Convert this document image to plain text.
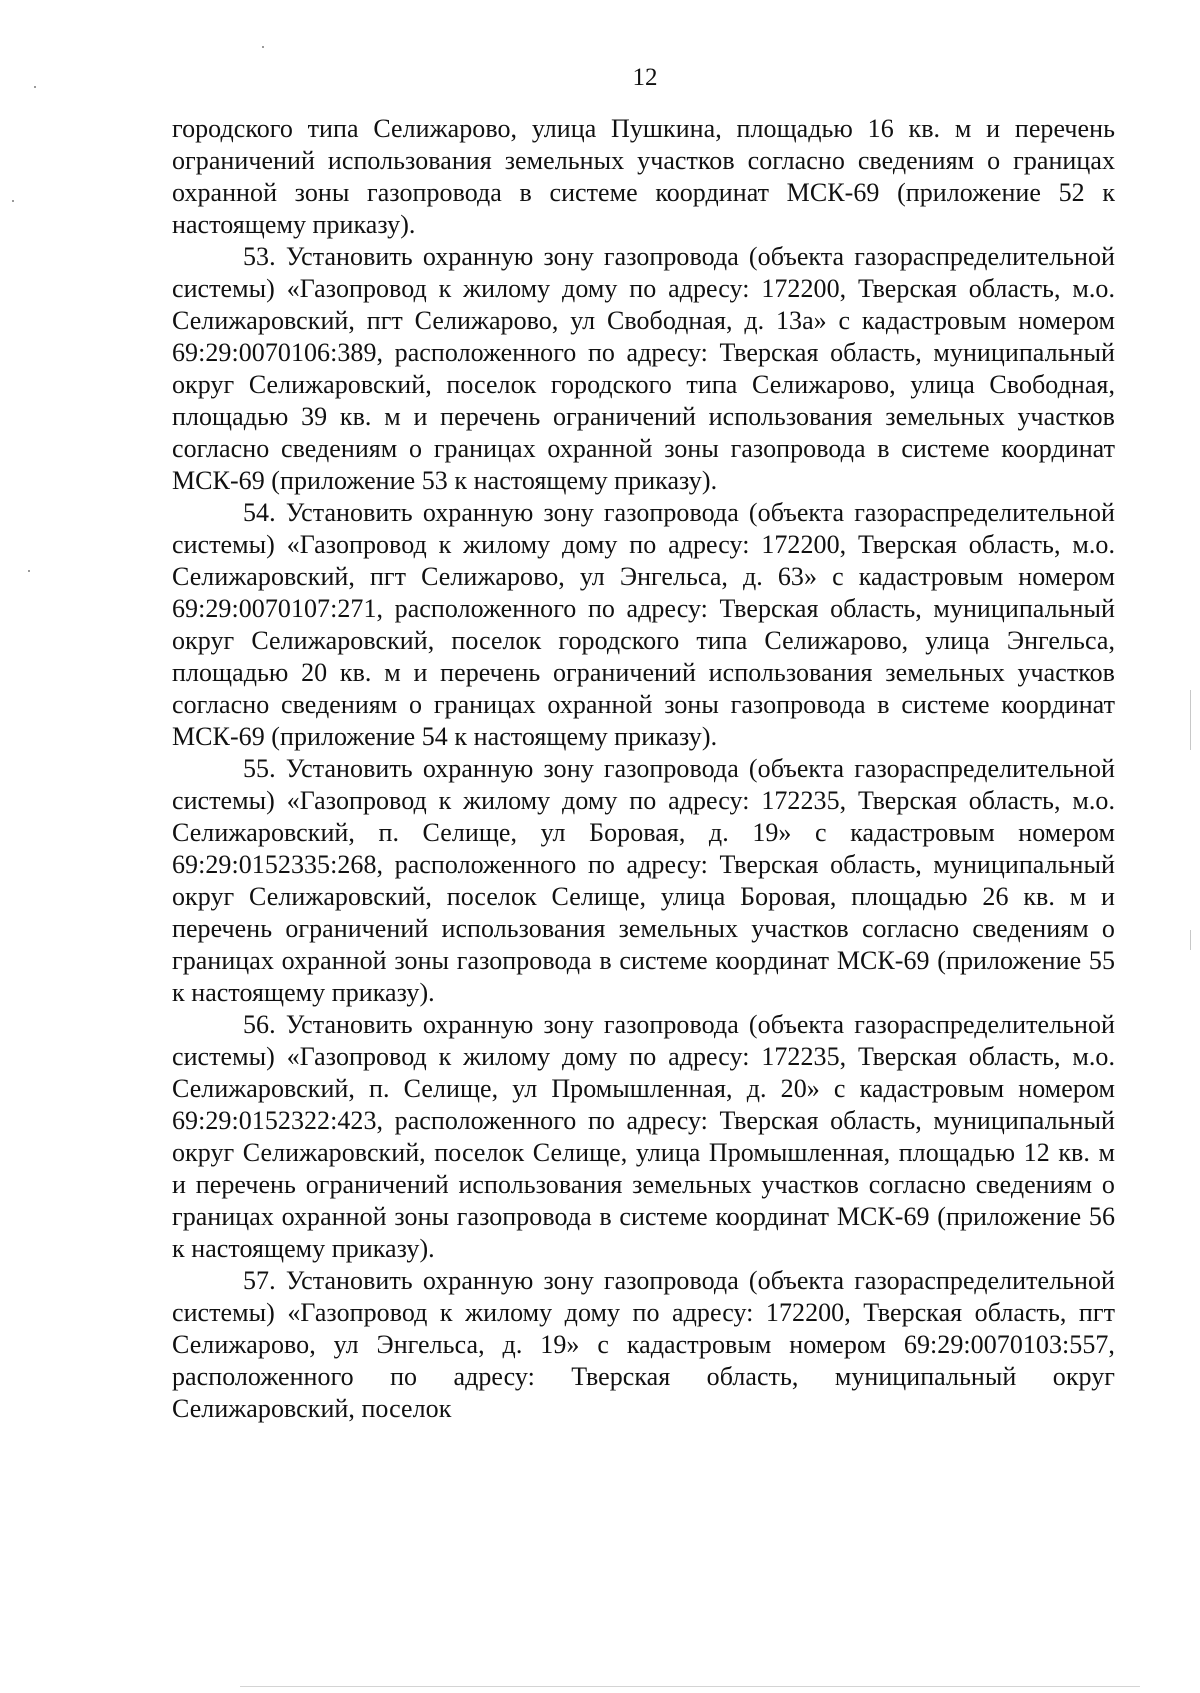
12

городского типа Селижарово, улица Пушкина, площадью 16 кв. м и перечень ограничений использования земельных участков согласно сведениям о границах охранной зоны газопровода в системе координат МСК-69 (приложение 52 к настоящему приказу).

53. Установить охранную зону газопровода (объекта газораспределительной системы) «Газопровод к жилому дому по адресу: 172200, Тверская область, м.о. Селижаровский, пгт Селижарово, ул Свободная, д. 13а» с кадастровым номером 69:29:0070106:389, расположенного по адресу: Тверская область, муниципальный округ Селижаровский, поселок городского типа Селижарово, улица Свободная, площадью 39 кв. м и перечень ограничений использования земельных участков согласно сведениям о границах охранной зоны газопровода в системе координат МСК-69 (приложение 53 к настоящему приказу).

54. Установить охранную зону газопровода (объекта газораспределительной системы) «Газопровод к жилому дому по адресу: 172200, Тверская область, м.о. Селижаровский, пгт Селижарово, ул Энгельса, д. 63» с кадастровым номером 69:29:0070107:271, расположенного по адресу: Тверская область, муниципальный округ Селижаровский, поселок городского типа Селижарово, улица Энгельса, площадью 20 кв. м и перечень ограничений использования земельных участков согласно сведениям о границах охранной зоны газопровода в системе координат МСК-69 (приложение 54 к настоящему приказу).

55. Установить охранную зону газопровода (объекта газораспределительной системы) «Газопровод к жилому дому по адресу: 172235, Тверская область, м.о. Селижаровский, п. Селище, ул Боровая, д. 19» с кадастровым номером 69:29:0152335:268, расположенного по адресу: Тверская область, муниципальный округ Селижаровский, поселок Селище, улица Боровая, площадью 26 кв. м и перечень ограничений использования земельных участков согласно сведениям о границах охранной зоны газопровода в системе координат МСК-69 (приложение 55 к настоящему приказу).

56. Установить охранную зону газопровода (объекта газораспределительной системы) «Газопровод к жилому дому по адресу: 172235, Тверская область, м.о. Селижаровский, п. Селище, ул Промышленная, д. 20» с кадастровым номером 69:29:0152322:423, расположенного по адресу: Тверская область, муниципальный округ Селижаровский, поселок Селище, улица Промышленная, площадью 12 кв. м и перечень ограничений использования земельных участков согласно сведениям о границах охранной зоны газопровода в системе координат МСК-69 (приложение 56 к настоящему приказу).

57. Установить охранную зону газопровода (объекта газораспределительной системы) «Газопровод к жилому дому по адресу: 172200, Тверская область, пгт Селижарово, ул Энгельса, д. 19» с кадастровым номером 69:29:0070103:557, расположенного по адресу: Тверская область, муниципальный округ Селижаровский, поселок
